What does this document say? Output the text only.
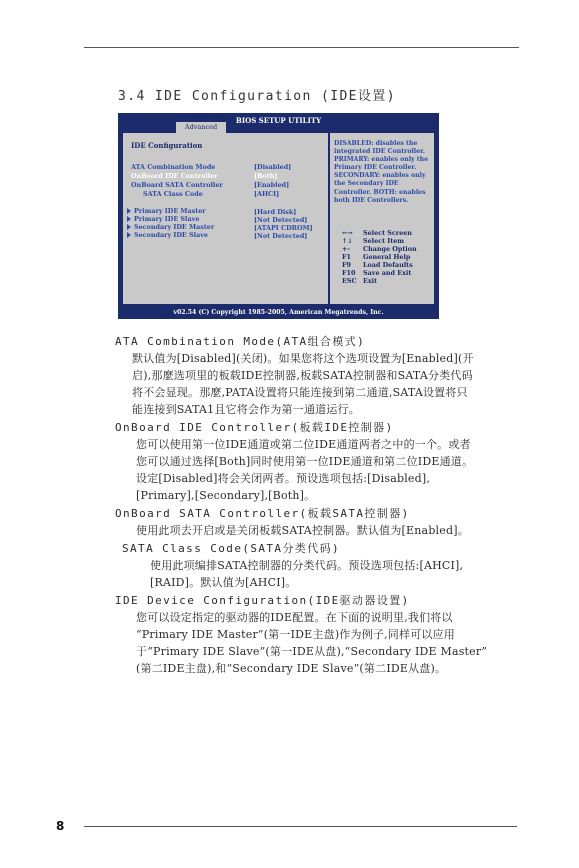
3.4 IDE Configuration (IDE设置)
BIOS SETUP UTILITY
Advanced
IDE Configuration
ATA Combination Mode	[Disabled]
OnBoard IDE Controller	[Both]
OnBoard SATA Controller	[Enabled]
SATA Class Code	[AHCI]
Primary IDE Master	[Hard Disk]
Primary IDE Slave	[Not Detected]
Secondary IDE Master	[ATAPI CDROM]
Secondary IDE Slave	[Not Detected]
DISABLED: disables the integrated IDE Controller. PRIMARY: enables only the Primary IDE Controller. SECONDARY: enables only the Secondary IDE Controller. BOTH: enables both IDE Controllers.
←→ Select Screen
↑↓ Select Item
+- Change Option
F1 General Help
F9 Load Defaults
F10 Save and Exit
ESC Exit
v02.54 (C) Copyright 1985-2005, American Megatrends, Inc.
ATA Combination Mode(ATA组合模式)
默认值为[Disabled](关闭)。如果您将这个选项设置为[Enabled](开
启),那麼选项里的板载IDE控制器,板载SATA控制器和SATA分类代码
将不会显现。那麼,PATA设置将只能连接到第二通道,SATA设置将只
能连接到SATA1且它将会作为第一通道运行。
OnBoard IDE Controller(板载IDE控制器)
您可以使用第一位IDE通道或第二位IDE通道两者之中的一个。或者
您可以通过选择[Both]同时使用第一位IDE通道和第二位IDE通道。
设定[Disabled]将会关闭两者。预设选项包括:[Disabled],
[Primary],[Secondary],[Both]。
OnBoard SATA Controller(板载SATA控制器)
使用此项去开启或是关闭板载SATA控制器。默认值为[Enabled]。
SATA Class Code(SATA分类代码)
使用此项编排SATA控制器的分类代码。预设选项包括:[AHCI],
[RAID]。默认值为[AHCI]。
IDE Device Configuration(IDE驱动器设置)
您可以设定指定的驱动器的IDE配置。在下面的说明里,我们将以
“Primary IDE Master”(第一IDE主盘)作为例子,同样可以应用
于“Primary IDE Slave”(第一IDE从盘),“Secondary IDE Master”
(第二IDE主盘),和“Secondary IDE Slave”(第二IDE从盘)。
8
